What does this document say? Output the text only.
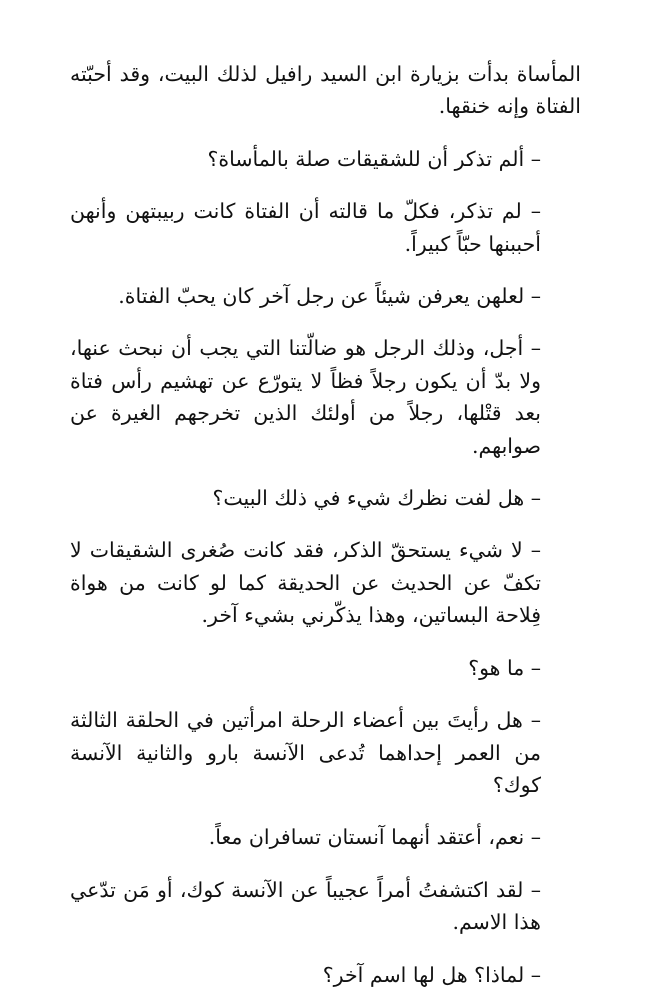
المأساة بدأت بزيارة ابن السيد رافيل لذلك البيت، وقد أحبّته الفتاة وإنه خنقها.

– ألم تذكر أن للشقيقات صلة بالمأساة؟

– لم تذكر، فكلّ ما قالته أن الفتاة كانت ربيبتهن وأنهن أحببنها حبّاً كبيراً.

– لعلهن يعرفن شيئاً عن رجل آخر كان يحبّ الفتاة.

– أجل، وذلك الرجل هو ضالّتنا التي يجب أن نبحث عنها، ولا بدّ أن يكون رجلاً فظاً لا يتورّع عن تهشيم رأس فتاة بعد قتْلها، رجلاً من أولئك الذين تخرجهم الغيرة عن صوابهم.

– هل لفت نظرك شيء في ذلك البيت؟

– لا شيء يستحقّ الذكر، فقد كانت صُغرى الشقيقات لا تكفّ عن الحديث عن الحديقة كما لو كانت من هواة فِلاحة البساتين، وهذا يذكّرني بشيء آخر.

– ما هو؟

– هل رأيتَ بين أعضاء الرحلة امرأتين في الحلقة الثالثة من العمر إحداهما تُدعى الآنسة بارو والثانية الآنسة كوك؟

– نعم، أعتقد أنهما آنستان تسافران معاً.

– لقد اكتشفتُ أمراً عجيباً عن الآنسة كوك، أو مَن تدّعي هذا الاسم.

– لماذا؟ هل لها اسم آخر؟
